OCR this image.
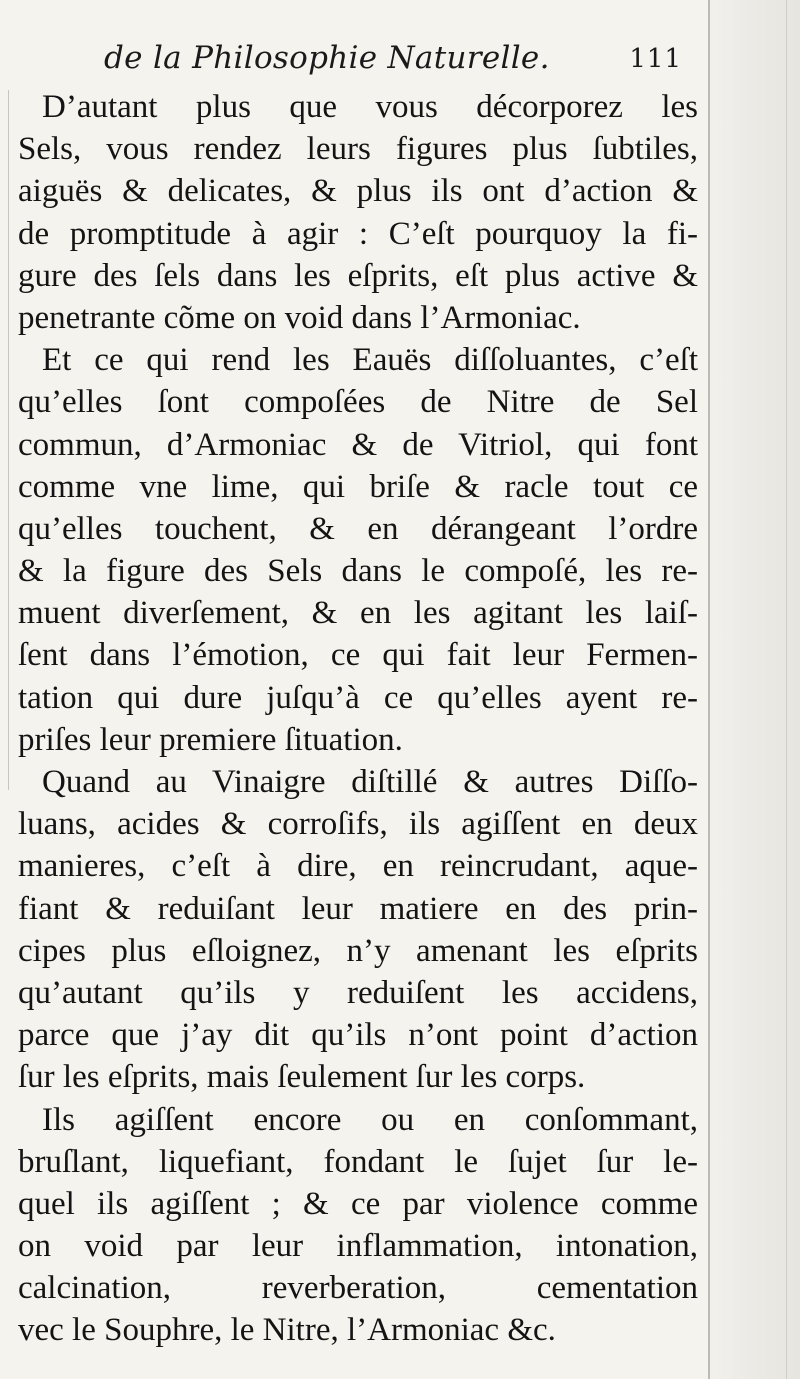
de la Philosophie Naturelle.	111
D’autant plus que vous décorporez les
Sels, vous rendez leurs figures plus ſubtiles,
aiguës & delicates, & plus ils ont d’action &
de promptitude à agir : C’eſt pourquoy la fi-
gure des ſels dans les eſprits, eſt plus active &
penetrante cõme on void dans l’Armoniac.
Et ce qui rend les Eauës diſſoluantes, c’eſt
qu’elles ſont compoſées de Nitre de Sel
commun, d’Armoniac & de Vitriol, qui font
comme vne lime, qui briſe & racle tout ce
qu’elles touchent, & en dérangeant l’ordre
& la figure des Sels dans le compoſé, les re-
muent diverſement, & en les agitant les laiſ-
ſent dans l’émotion, ce qui fait leur Fermen-
tation qui dure juſqu’à ce qu’elles ayent re-
priſes leur premiere ſituation.
Quand au Vinaigre diſtillé & autres Diſſo-
luans, acides & corroſifs, ils agiſſent en deux
manieres, c’eſt à dire, en reincrudant, aque-
fiant & reduiſant leur matiere en des prin-
cipes plus eſloignez, n’y amenant les eſprits
qu’autant qu’ils y reduiſent les accidens,
parce que j’ay dit qu’ils n’ont point d’action
ſur les eſprits, mais ſeulement ſur les corps.
Ils agiſſent encore ou en conſommant,
bruſlant, liquefiant, fondant le ſujet ſur le-
quel ils agiſſent ; & ce par violence comme
on void par leur inflammation, intonation,
calcination, reverberation, cementation
vec le Souphre, le Nitre, l’Armoniac &c.
